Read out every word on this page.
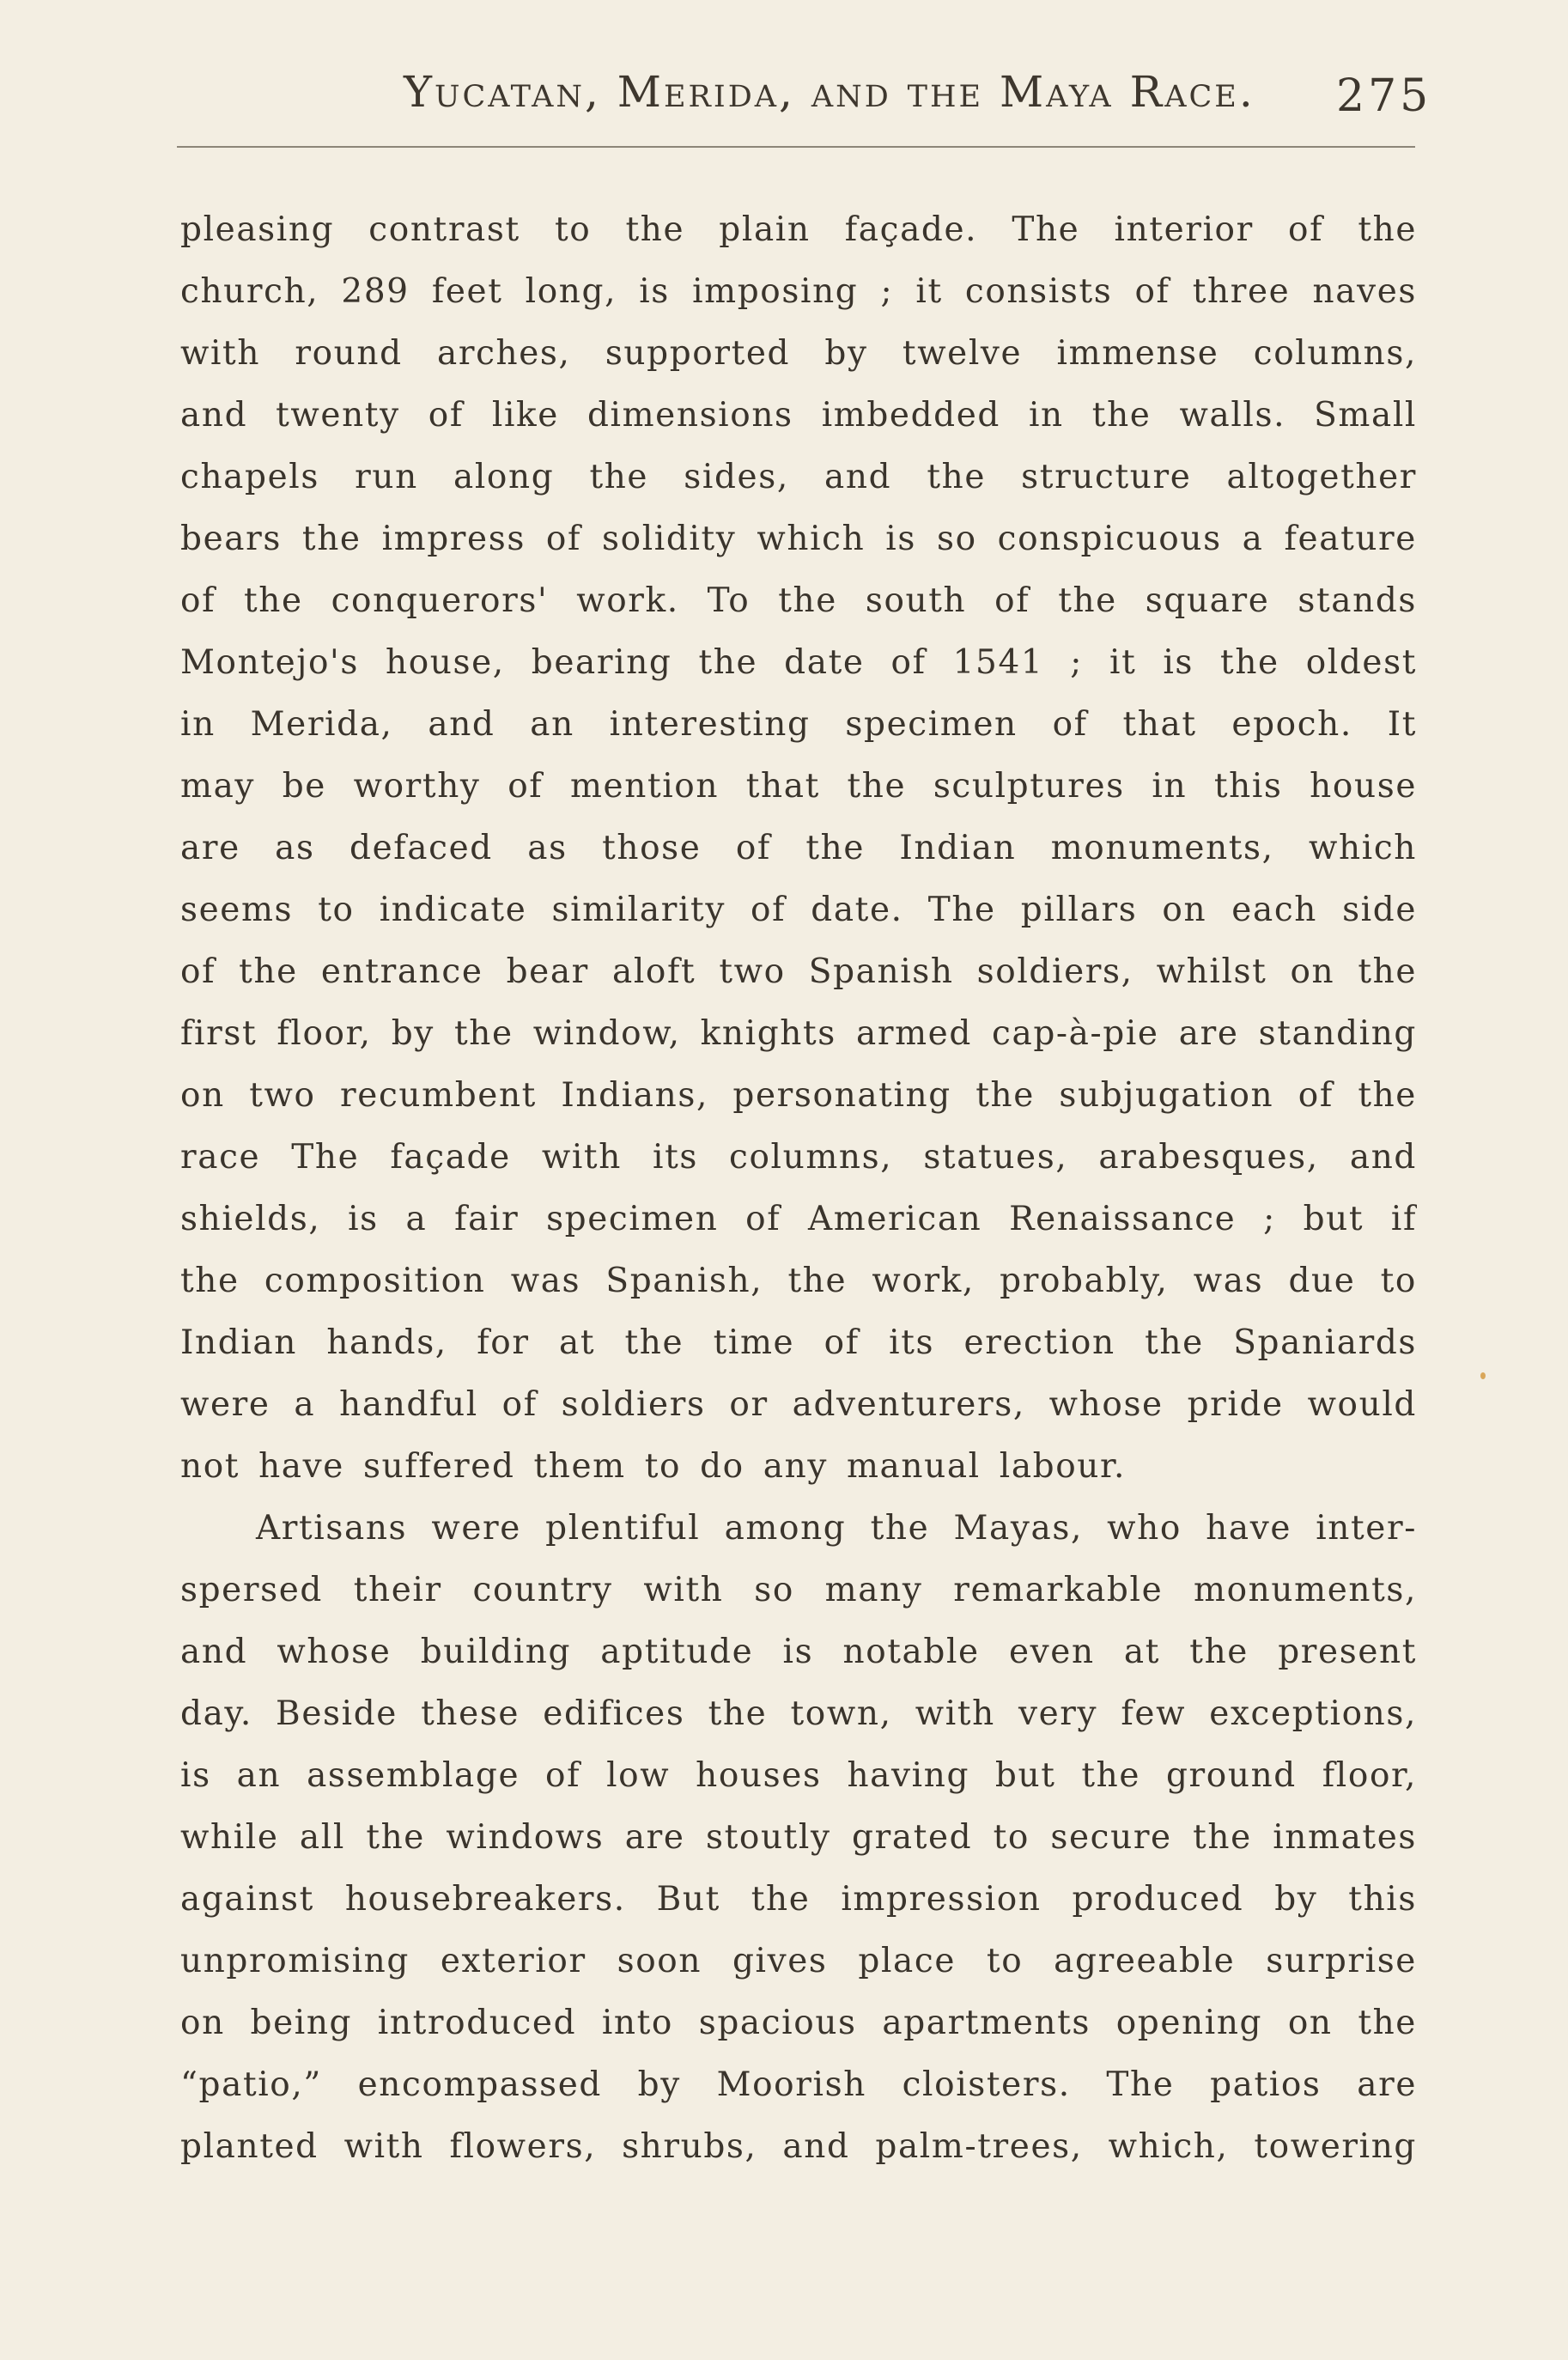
Yucatan, Merida, and the Maya Race. 275
pleasing contrast to the plain façade. The interior of the
church, 289 feet long, is imposing ; it consists of three naves
with round arches, supported by twelve immense columns,
and twenty of like dimensions imbedded in the walls. Small
chapels run along the sides, and the structure altogether
bears the impress of solidity which is so conspicuous a feature
of the conquerors' work. To the south of the square stands
Montejo's house, bearing the date of 1541 ; it is the oldest
in Merida, and an interesting specimen of that epoch. It
may be worthy of mention that the sculptures in this house
are as defaced as those of the Indian monuments, which
seems to indicate similarity of date. The pillars on each side
of the entrance bear aloft two Spanish soldiers, whilst on the
first floor, by the window, knights armed cap-à-pie are standing
on two recumbent Indians, personating the subjugation of the
race The façade with its columns, statues, arabesques, and
shields, is a fair specimen of American Renaissance ; but if
the composition was Spanish, the work, probably, was due to
Indian hands, for at the time of its erection the Spaniards
were a handful of soldiers or adventurers, whose pride would
not have suffered them to do any manual labour.
Artisans were plentiful among the Mayas, who have inter-
spersed their country with so many remarkable monuments,
and whose building aptitude is notable even at the present
day. Beside these edifices the town, with very few exceptions,
is an assemblage of low houses having but the ground floor,
while all the windows are stoutly grated to secure the inmates
against housebreakers. But the impression produced by this
unpromising exterior soon gives place to agreeable surprise
on being introduced into spacious apartments opening on the
“patio,” encompassed by Moorish cloisters. The patios are
planted with flowers, shrubs, and palm-trees, which, towering
